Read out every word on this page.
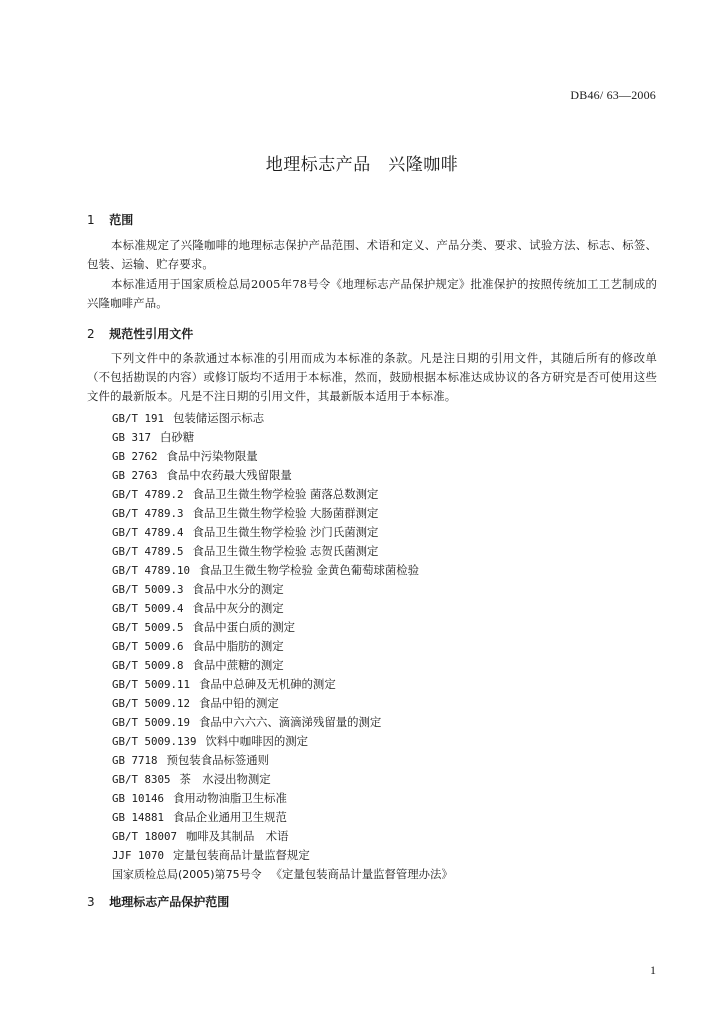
DB46/ 63—2006
地理标志产品　兴隆咖啡
1 范围

本标准规定了兴隆咖啡的地理标志保护产品范围、术语和定义、产品分类、要求、试验方法、标志、标签、包装、运输、贮存要求。

本标准适用于国家质检总局2005年78号令《地理标志产品保护规定》批准保护的按照传统加工工艺制成的兴隆咖啡产品。

2 规范性引用文件

下列文件中的条款通过本标准的引用而成为本标准的条款。凡是注日期的引用文件，其随后所有的修改单（不包括勘误的内容）或修订版均不适用于本标准，然而，鼓励根据本标准达成协议的各方研究是否可使用这些文件的最新版本。凡是不注日期的引用文件，其最新版本适用于本标准。

GB/T 191 包装储运图示标志
GB 317 白砂糖
GB 2762 食品中污染物限量
GB 2763 食品中农药最大残留限量
GB/T 4789.2 食品卫生微生物学检验 菌落总数测定
GB/T 4789.3 食品卫生微生物学检验 大肠菌群测定
GB/T 4789.4 食品卫生微生物学检验 沙门氏菌测定
GB/T 4789.5 食品卫生微生物学检验 志贺氏菌测定
GB/T 4789.10 食品卫生微生物学检验 金黄色葡萄球菌检验
GB/T 5009.3 食品中水分的测定
GB/T 5009.4 食品中灰分的测定
GB/T 5009.5 食品中蛋白质的测定
GB/T 5009.6 食品中脂肪的测定
GB/T 5009.8 食品中蔗糖的测定
GB/T 5009.11 食品中总砷及无机砷的测定
GB/T 5009.12 食品中铅的测定
GB/T 5009.19 食品中六六六、滴滴涕残留量的测定
GB/T 5009.139 饮料中咖啡因的测定
GB 7718 预包装食品标签通则
GB/T 8305 茶　水浸出物测定
GB 10146 食用动物油脂卫生标准
GB 14881 食品企业通用卫生规范
GB/T 18007 咖啡及其制品　术语
JJF 1070 定量包装商品计量监督规定
国家质检总局(2005)第75号令 《定量包装商品计量监督管理办法》
3 地理标志产品保护范围
1
